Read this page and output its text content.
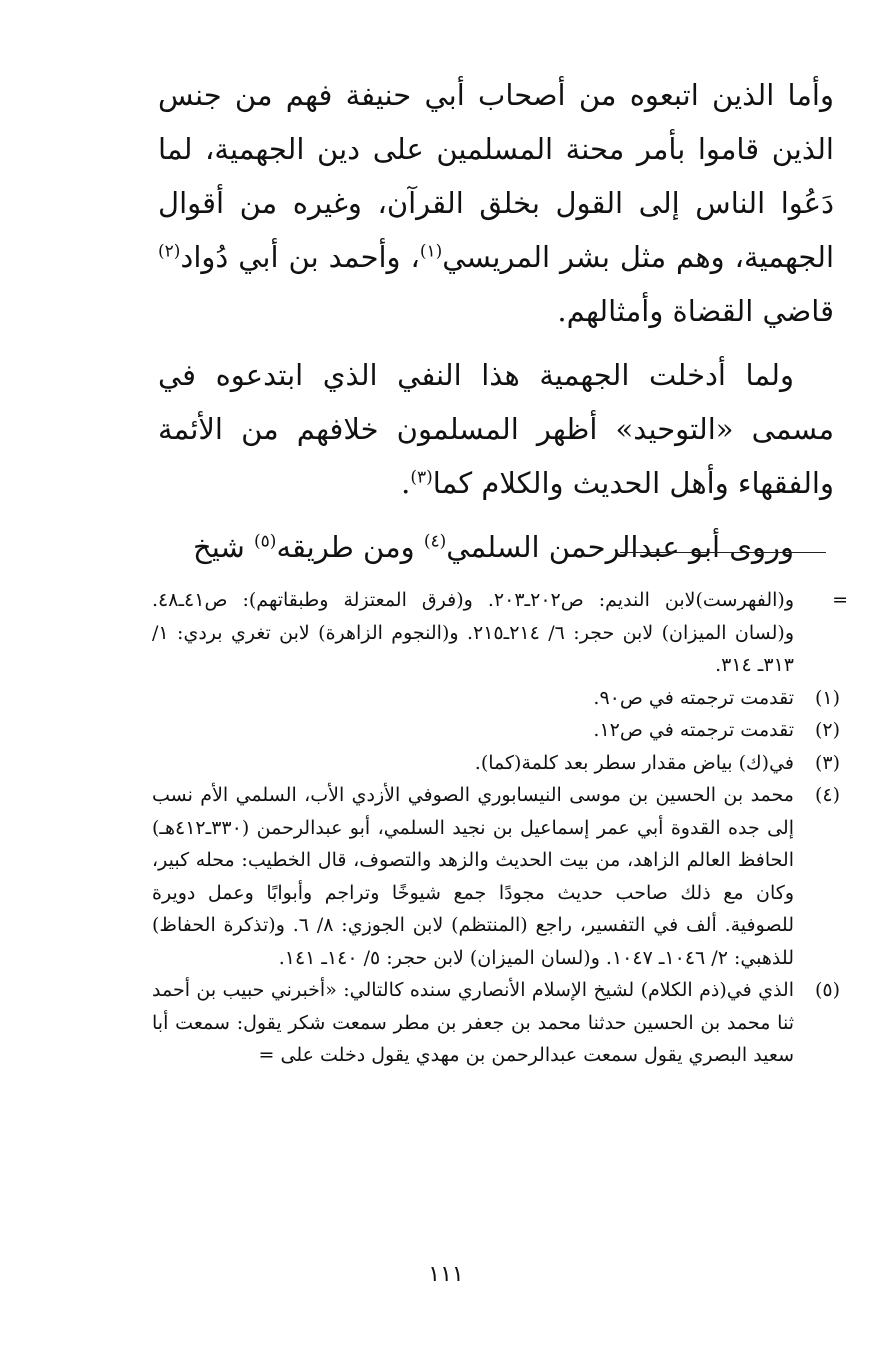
وأما الذين اتبعوه من أصحاب أبي حنيفة فهم من جنس الذين قاموا بأمر محنة المسلمين على دين الجهمية، لما دَعُوا الناس إلى القول بخلق القرآن، وغيره من أقوال الجهمية، وهم مثل بشر المريسي$^{(١)}$، وأحمد بن أبي دُواد$^{(٢)}$ قاضي القضاة وأمثالهم.

ولما أدخلت الجهمية هذا النفي الذي ابتدعوه في مسمى «التوحيد» أظهر المسلمون خلافهم من الأئمة والفقهاء وأهل الحديث والكلام كما$^{(٣)}$.

وروى أبو عبدالرحمن السلمي$^{(٤)}$ ومن طريقه$^{(٥)}$ شيخ

=
و(الفهرست)لابن النديم: ص٢٠٢ـ٢٠٣. و(فرق المعتزلة وطبقاتهم): ص٤١ـ٤٨. و(لسان الميزان) لابن حجر: ٦/ ٢١٤ـ٢١٥. و(النجوم الزاهرة) لابن تغري بردي: ١/ ٣١٣ـ ٣١٤.
(١)
تقدمت ترجمته في ص٩٠.
(٢)
تقدمت ترجمته في ص١٢.
(٣)
في(ك) بياض مقدار سطر بعد كلمة(كما).
(٤)
محمد بن الحسين بن موسى النيسابوري الصوفي الأزدي الأب، السلمي الأم نسب إلى جده القدوة أبي عمر إسماعيل بن نجيد السلمي، أبو عبدالرحمن (٣٣٠ـ٤١٢هـ) الحافظ العالم الزاهد، من بيت الحديث والزهد والتصوف، قال الخطيب: محله كبير، وكان مع ذلك صاحب حديث مجودًا جمع شيوخًا وتراجم وأبوابًا وعمل دويرة للصوفية. ألف في التفسير، راجع (المنتظم) لابن الجوزي: ٨/ ٦. و(تذكرة الحفاظ) للذهبي: ٢/ ١٠٤٦ـ ١٠٤٧. و(لسان الميزان) لابن حجر: ٥/ ١٤٠ـ ١٤١.
(٥)
الذي في(ذم الكلام) لشيخ الإسلام الأنصاري سنده كالتالي: «أخبرني حبيب بن أحمد ثنا محمد بن الحسين حدثنا محمد بن جعفر بن مطر سمعت شكر يقول: سمعت أبا سعيد البصري يقول سمعت عبدالرحمن بن مهدي يقول دخلت على =
١١١
